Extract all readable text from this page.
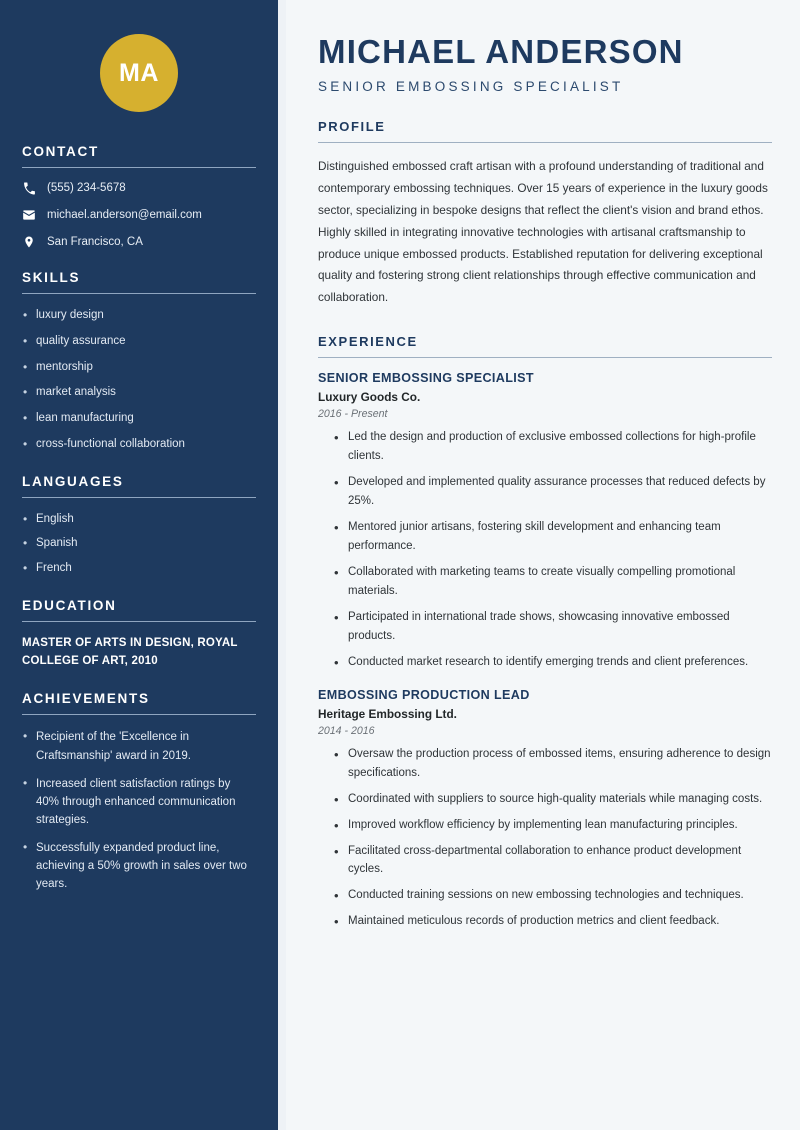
MA
CONTACT
(555) 234-5678
michael.anderson@email.com
San Francisco, CA
SKILLS
• luxury design
• quality assurance
• mentorship
• market analysis
• lean manufacturing
• cross-functional collaboration
LANGUAGES
• English
• Spanish
• French
EDUCATION
MASTER OF ARTS IN DESIGN, ROYAL COLLEGE OF ART, 2010
ACHIEVEMENTS
• Recipient of the 'Excellence in Craftsmanship' award in 2019.
• Increased client satisfaction ratings by 40% through enhanced communication strategies.
• Successfully expanded product line, achieving a 50% growth in sales over two years.
MICHAEL ANDERSON
SENIOR EMBOSSING SPECIALIST
PROFILE

Distinguished embossed craft artisan with a profound understanding of traditional and contemporary embossing techniques. Over 15 years of experience in the luxury goods sector, specializing in bespoke designs that reflect the client's vision and brand ethos. Highly skilled in integrating innovative technologies with artisanal craftsmanship to produce unique embossed products. Established reputation for delivering exceptional quality and fostering strong client relationships through effective communication and collaboration.

EXPERIENCE
SENIOR EMBOSSING SPECIALIST
Luxury Goods Co.
2016 - Present
• Led the design and production of exclusive embossed collections for high-profile clients.
• Developed and implemented quality assurance processes that reduced defects by 25%.
• Mentored junior artisans, fostering skill development and enhancing team performance.
• Collaborated with marketing teams to create visually compelling promotional materials.
• Participated in international trade shows, showcasing innovative embossed products.
• Conducted market research to identify emerging trends and client preferences.
EMBOSSING PRODUCTION LEAD
Heritage Embossing Ltd.
2014 - 2016
• Oversaw the production process of embossed items, ensuring adherence to design specifications.
• Coordinated with suppliers to source high-quality materials while managing costs.
• Improved workflow efficiency by implementing lean manufacturing principles.
• Facilitated cross-departmental collaboration to enhance product development cycles.
• Conducted training sessions on new embossing technologies and techniques.
• Maintained meticulous records of production metrics and client feedback.
